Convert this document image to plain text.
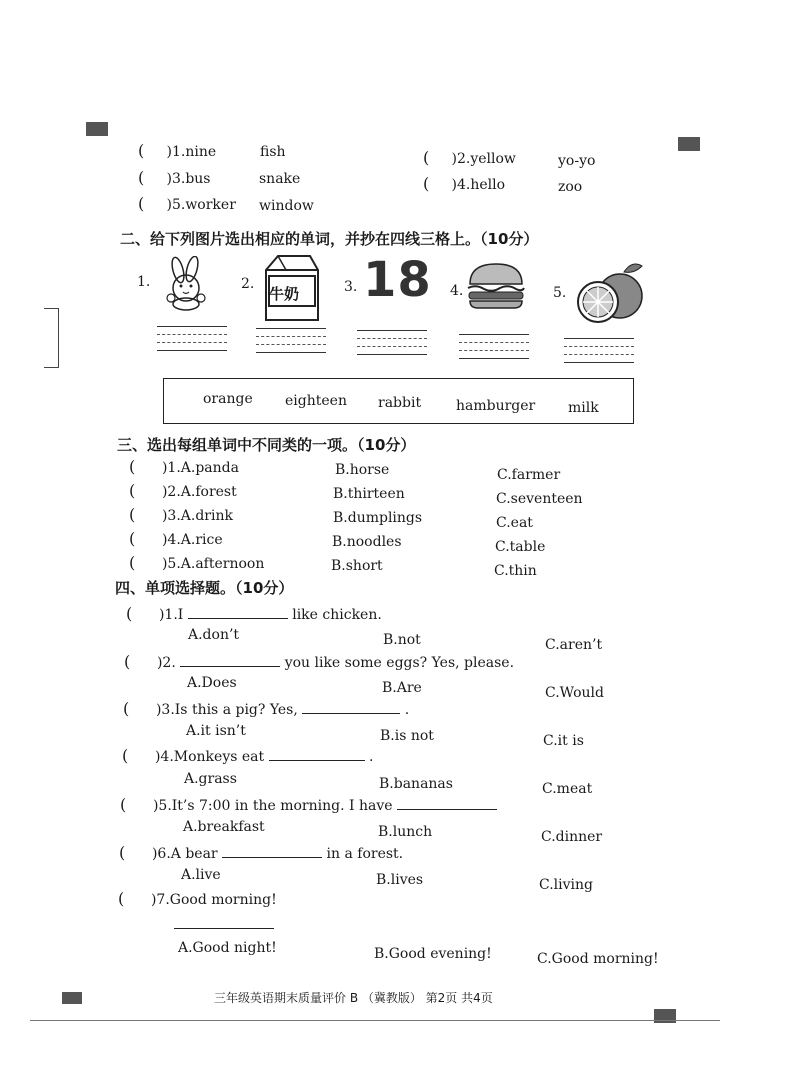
(     )1.nine	fish	(     )2.yellow	yo-yo
(     )3.bus	snake	(     )4.hello	zoo
(     )5.worker window
二、给下列图片选出相应的单词，并抄在四线三格上。（10分）
1.	2.
牛奶	3. 18 4.	5.
orange eighteen rabbit hamburger milk
三、选出每组单词中不同类的一项。（10分）
( )1.A.panda	B.horse	C.farmer
( )2.A.forest	B.thirteen	C.seventeen
( )3.A.drink	B.dumplings	C.eat
( )4.A.rice	B.noodles	C.table
( )5.A.afternoon	B.short	C.thin
四、单项选择题。（10分）
( )1.I	like chicken.
A.don’t	B.not	C.aren’t
( )2.	you like some eggs? Yes, please.
A.Does	B.Are	C.Would
( )3.Is this a pig? Yes,	.
A.it isn’t	B.is not	C.it is
( )4.Monkeys eat	.
A.grass	B.bananas	C.meat
( )5.It’s 7:00 in the morning. I have
A.breakfast	B.lunch	C.dinner
( )6.A bear	in a forest.
A.live	B.lives	C.living
( )7.Good morning!
A.Good night!	B.Good evening!	C.Good morning!
三年级英语期末质量评价 B （冀教版） 第2页 共4页
